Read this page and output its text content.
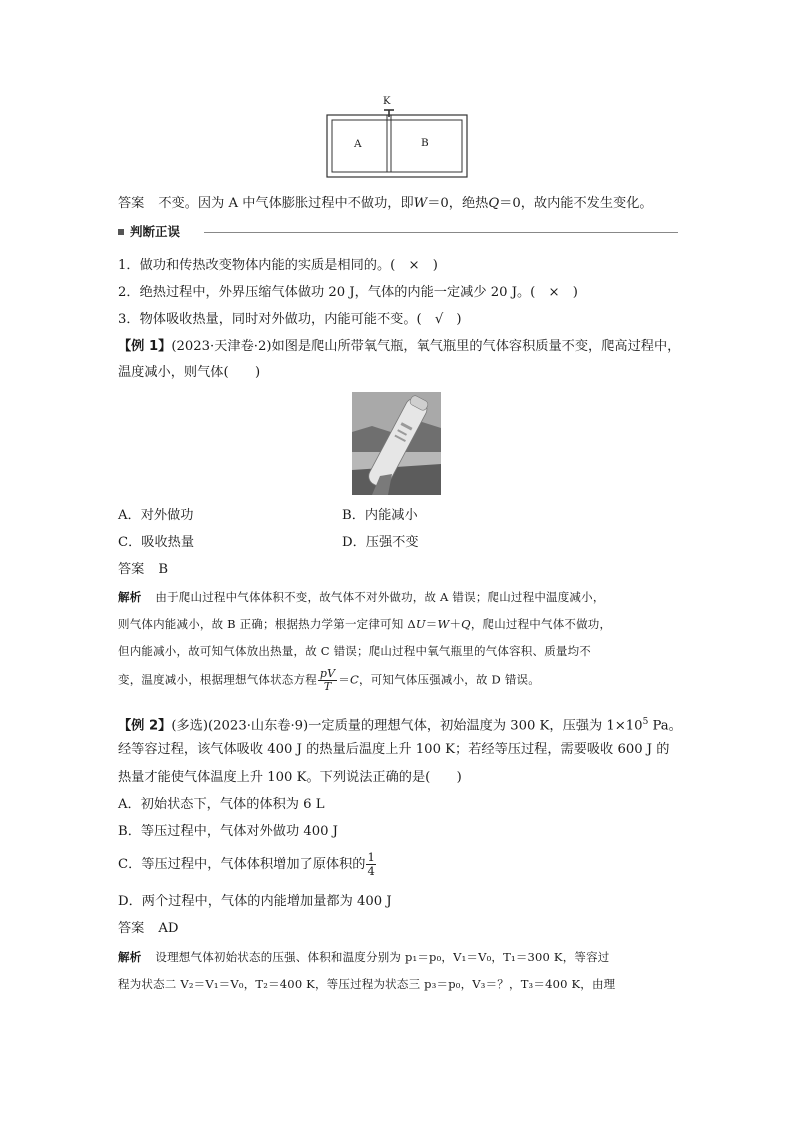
K
A	B
答案 不变。因为 A 中气体膨胀过程中不做功，即W＝0，绝热Q＝0，故内能不发生变化。
判断正误
1．做功和传热改变物体内能的实质是相同的。(　×　)
2．绝热过程中，外界压缩气体做功 20 J，气体的内能一定减少 20 J。(　×　)
3．物体吸收热量，同时对外做功，内能可能不变。(　√　)
【例 1】(2023·天津卷·2)如图是爬山所带氧气瓶，氧气瓶里的气体容积质量不变，爬高过程中，
温度减小，则气体(　　)
A．对外做功	B．内能减小
C．吸收热量	D．压强不变
答案 B
解析 由于爬山过程中气体体积不变，故气体不对外做功，故 A 错误；爬山过程中温度减小，
则气体内能减小，故 B 正确；根据热力学第一定律可知 ΔU＝W＋Q，爬山过程中气体不做功，
但内能减小，故可知气体放出热量，故 C 错误；爬山过程中氧气瓶里的气体容积、质量均不
变，温度减小，根据理想气体状态方程 $\frac{pV}{T} =C$，可知气体压强减小，故 D 错误。
【例 2】(多选)(2023·山东卷·9)一定质量的理想气体，初始温度为 300 K，压强为 $1\times 10^5$ Pa。
经等容过程，该气体吸收 400 J 的热量后温度上升 100 K；若经等压过程，需要吸收 600 J 的
热量才能使气体温度上升 100 K。下列说法正确的是(　　)
A．初始状态下，气体的体积为 6 L
B．等压过程中，气体对外做功 400 J
C．等压过程中，气体体积增加了原体积的 $\frac{1}{4}$
D．两个过程中，气体的内能增加量都为 400 J
答案 AD
解析 设理想气体初始状态的压强、体积和温度分别为 p₁＝p₀，V₁＝V₀，T₁＝300 K，等容过
程为状态二 V₂＝V₁＝V₀，T₂＝400 K，等压过程为状态三 p₃＝p₀，V₃＝？，T₃＝400 K，由理
